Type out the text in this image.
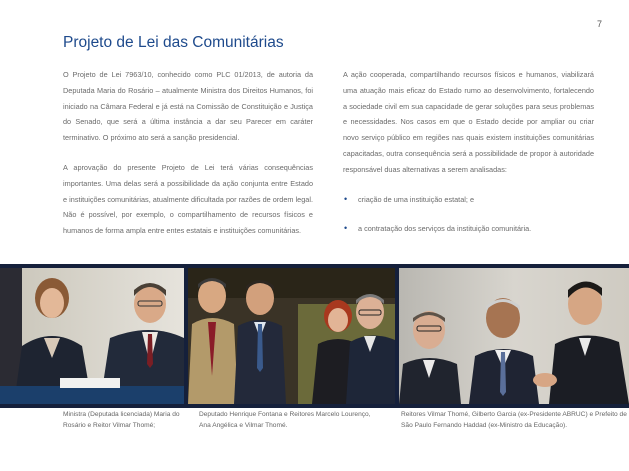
7
Projeto de Lei das Comunitárias

O Projeto de Lei 7963/10, conhecido como PLC 01/2013, de autoria da Deputada Maria do Rosário – atualmente Ministra dos Direitos Humanos, foi iniciado na Câmara Federal e já está na Comissão de Constituição e Justiça do Senado, que será a última instância a dar seu Parecer em caráter terminativo. O próximo ato será a sanção presidencial.

A aprovação do presente Projeto de Lei terá várias consequências importantes. Uma delas será a possibilidade da ação conjunta entre Estado e instituições comunitárias, atualmente dificultada por razões de ordem legal. Não é possível, por exemplo, o compartilhamento de recursos físicos e humanos de forma ampla entre entes estatais e instituições comunitárias.

A ação cooperada, compartilhando recursos físicos e humanos, viabilizará uma atuação mais eficaz do Estado rumo ao desenvolvimento, fortalecendo a sociedade civil em sua capacidade de gerar soluções para seus problemas e necessidades. Nos casos em que o Estado decide por ampliar ou criar novo serviço público em regiões nas quais existem instituições comunitárias capacitadas, outra consequência será a possibilidade de propor à autoridade responsável duas alternativas a serem analisadas:

• criação de uma instituição estatal; e
• a contratação dos serviços da instituição comunitária.
Ministra (Deputada licenciada) Maria do Rosário e Reitor Vilmar Thomé;
Deputado Henrique Fontana e Reitores Marcelo Lourenço, Ana Angélica e Vilmar Thomé.
Reitores Vilmar Thomé, Gilberto Garcia (ex-Presidente ABRUC) e Prefeito de São Paulo Fernando Haddad (ex-Ministro da Educação).
